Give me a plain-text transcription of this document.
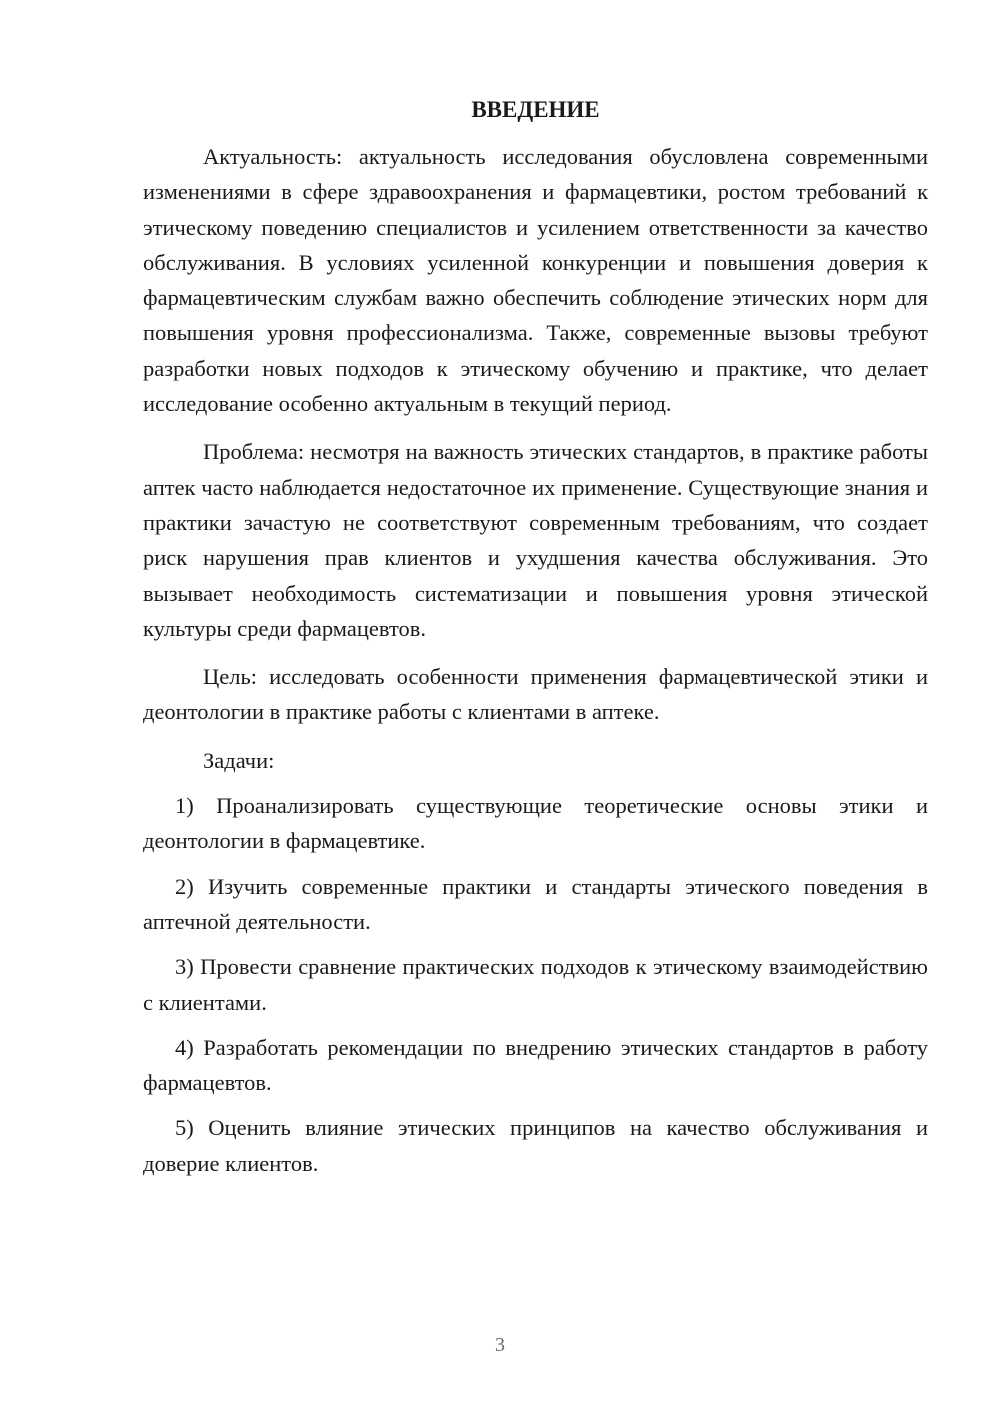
ВВЕДЕНИЕ

Актуальность: актуальность исследования обусловлена современными изменениями в сфере здравоохранения и фармацевтики, ростом требований к этическому поведению специалистов и усилением ответственности за качество обслуживания. В условиях усиленной конкуренции и повышения доверия к фармацевтическим службам важно обеспечить соблюдение этических норм для повышения уровня профессионализма. Также, современные вызовы требуют разработки новых подходов к этическому обучению и практике, что делает исследование особенно актуальным в текущий период.

Проблема: несмотря на важность этических стандартов, в практике работы аптек часто наблюдается недостаточное их применение. Существующие знания и практики зачастую не соответствуют современным требованиям, что создает риск нарушения прав клиентов и ухудшения качества обслуживания. Это вызывает необходимость систематизации и повышения уровня этической культуры среди фармацевтов.

Цель: исследовать особенности применения фармацевтической этики и деонтологии в практике работы с клиентами в аптеке.

Задачи:

1) Проанализировать существующие теоретические основы этики и деонтологии в фармацевтике.

2) Изучить современные практики и стандарты этического поведения в аптечной деятельности.

3) Провести сравнение практических подходов к этическому взаимодействию с клиентами.

4) Разработать рекомендации по внедрению этических стандартов в работу фармацевтов.

5) Оценить влияние этических принципов на качество обслуживания и доверие клиентов.

3
